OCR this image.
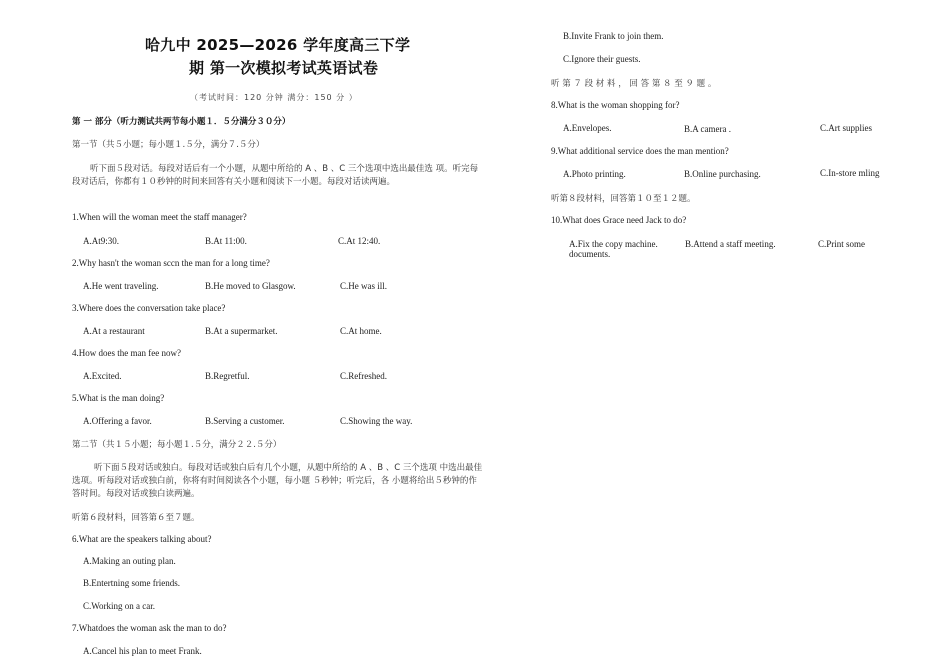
哈九中 2025—2026 学年度高三下学
期 第一次模拟考试英语试卷
（考试时间：120 分钟 满分：150 分 ）
第 一 部分（听力测试共两节每小题１．５分满分３０分）
第一节（共５小题；每小题１.５分，满分７.５分）
听下面５段对话。每段对话后有一个小题，从题中所给的 A 、B 、C 三个选项中选出最佳选 项。听完每段对话后，你都有１０秒钟的时间来回答有关小题和阅读下一小题。每段对话读两遍。
1.When will the woman meet the staff manager?
A.At9:30.	B.At 11:00.	C.At 12:40.
2.Why hasn't the woman sccn the man for a long time?
A.He went traveling.	B.He moved to Glasgow.	C.He was ill.
3.Where does the conversation take place?
A.At a restaurant	B.At a supermarket.	C.At home.
4.How does the man fee now?
A.Excited.	B.Regretful.	C.Refreshed.
5.What is the man doing?
A.Offering a favor.	B.Serving a customer.	C.Showing the way.
第二节（共１５小题；每小题１.５分，满分２２.５分）
听下面５段对话或独白。每段对话或独白后有几个小题，从题中所给的 A 、B 、C 三个选项 中选出最佳选项。听每段对话或独白前，你将有时间阅读各个小题，每小题 ５秒钟；听完后，各 小题将给出５秒钟的作答时间。每段对话或独白读两遍。
听第６段材料，回答第６至７题。
6.What are the speakers talking about?
A.Making an outing plan.
B.Entertning some friends.
C.Working on a car.
7.Whatdoes the woman ask the man to do?
A.Cancel his plan to meet Frank.
B.Invite Frank to join them.
C.Ignore their guests.
听 第 ７ 段 材 料 ， 回 答 第 ８ 至 ９ 题 。
8.What is the woman shopping for?
A.Envelopes.	B.A camera .	C.Art supplies
9.What additional service does the man mention?
A.Photo printing.	B.Online purchasing.	C.In-store mling
听第８段材料，回答第１０至１２题。
10.What does Grace need Jack to do?
A.Fix the copy machine.	B.Attend a staff meeting.	C.Print some
documents.
